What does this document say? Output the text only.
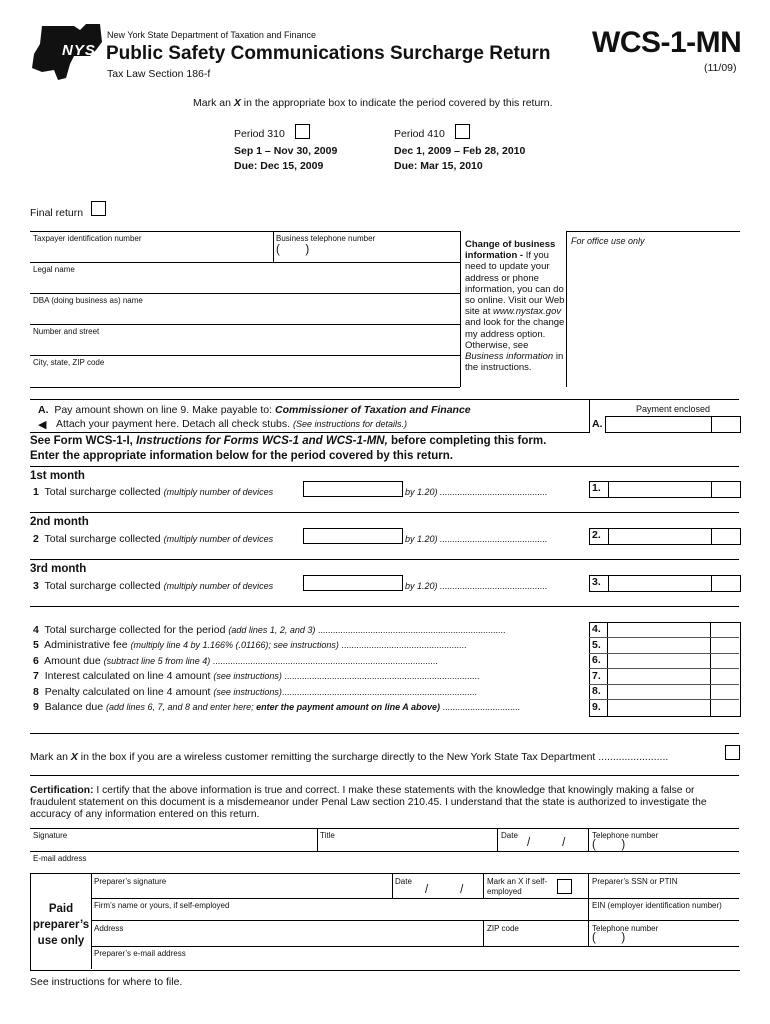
NYS
New York State Department of Taxation and Finance
Public Safety Communications Surcharge Return
Tax Law Section 186-f
WCS-1-MN
(11/09)
Mark an X in the appropriate box to indicate the period covered by this return.
Period 310
Sep 1 – Nov 30, 2009
Due: Dec 15, 2009
Period 410
Dec 1, 2009 – Feb 28, 2010
Due: Mar 15, 2010
Final return
Taxpayer identification number	Business telephone number
(        )
Legal name
DBA (doing business as) name
Number and street
City, state, ZIP code
Change of business information - If you need to update your address or phone information, you can do so online. Visit our Web site at www.nystax.gov and look for the change my address option. Otherwise, see Business information in the instructions.
For office use only
A. Pay amount shown on line 9. Make payable to: Commissioner of Taxation and Finance
◀ Attach your payment here. Detach all check stubs. (See instructions for details.)	A.
Payment enclosed
See Form WCS-1-I, Instructions for Forms WCS-1 and WCS-1-MN, before completing this form.
Enter the appropriate information below for the period covered by this return.
1st month
1 Total surcharge collected (multiply number of devices	by 1.20) ...........................................	1.
2nd month
2 Total surcharge collected (multiply number of devices	by 1.20) ...........................................	2.
3rd month
3 Total surcharge collected (multiply number of devices	by 1.20) ...........................................	3.
4 Total surcharge collected for the period (add lines 1, 2, and 3) ...........................................................................
5 Administrative fee (multiply line 4 by 1.166% (.01166); see instructions) ..................................................
6 Amount due (subtract line 5 from line 4) ..........................................................................................
7 Interest calculated on line 4 amount (see instructions) ..............................................................................
8 Penalty calculated on line 4 amount (see instructions)..............................................................................
9 Balance due (add lines 6, 7, and 8 and enter here; enter the payment amount on line A above) ...............................
4.
5.
6.
7.
8.
9.
Mark an X in the box if you are a wireless customer remitting the surcharge directly to the New York State Tax Department ........................
Certification: I certify that the above information is true and correct. I make these statements with the knowledge that knowingly making a false or fraudulent statement on this document is a misdemeanor under Penal Law section 210.45. I understand that the state is authorized to investigate the accuracy of any information entered on this return.
Signature	Title	Date
/          /
Telephone number
(        )
E-mail address
Paid preparer’s use only
Preparer’s signature	Date
/          /
Mark an X if self-employed
Preparer’s SSN or PTIN
Firm’s name or yours, if self-employed	EIN (employer identification number)
Address	ZIP code	Telephone number
(        )
Preparer’s e-mail address
See instructions for where to file.
